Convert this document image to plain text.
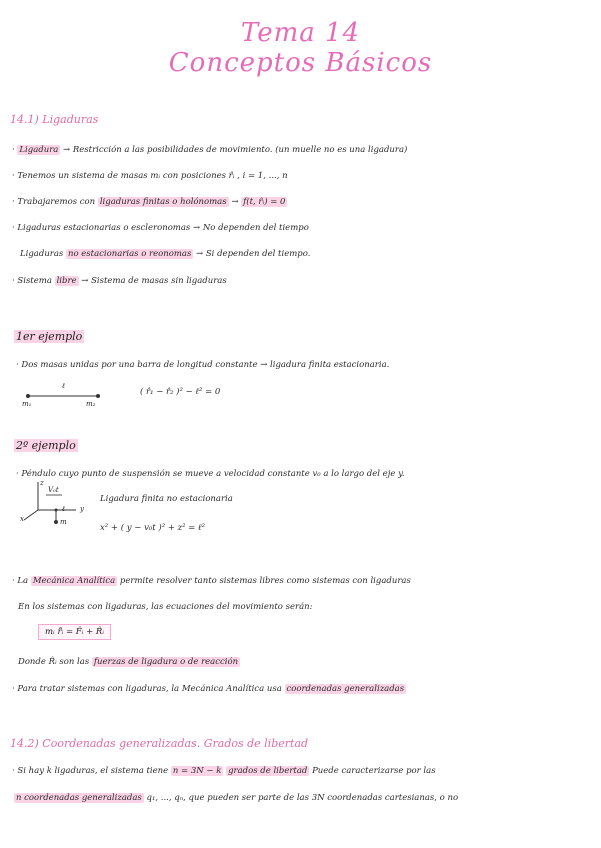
Tema 14
Conceptos Básicos
14.1) Ligaduras
· Ligadura → Restricción a las posibilidades de movimiento. (un muelle no es una ligadura)
· Tenemos un sistema de masas mᵢ con posiciones r̂ᵢ , i = 1, ..., n
· Trabajaremos con ligaduras finitas o holónomas → f(t, r̂ᵢ) = 0
· Ligaduras estacionarias o escleronomas → No dependen del tiempo
Ligaduras no estacionarias o reonomas → Si dependen del tiempo.
· Sistema libre → Sistema de masas sin ligaduras
1er ejemplo
· Dos masas unidas por una barra de longitud constante → ligadura finita estacionaria.
ℓ
m₁	m₂
( r̂₁ − r̂₂ )² − ℓ² = 0
2º ejemplo
· Péndulo cuyo punto de suspensión se mueve a velocidad constante v₀ a lo largo del eje y.
z
x
y
V₀t
m
ℓ
Ligadura finita no estacionaria
x² + ( y − v₀t )² + z² = ℓ²
· La Mecánica Analítica permite resolver tanto sistemas libres como sistemas con ligaduras
En los sistemas con ligaduras, las ecuaciones del movimiento serán:
mᵢ r̂̈ᵢ = F̂ᵢ + R̂ᵢ
Donde R̂ᵢ son las fuerzas de ligadura o de reacción
· Para tratar sistemas con ligaduras, la Mecánica Analítica usa coordenadas generalizadas
14.2) Coordenadas generalizadas. Grados de libertad
· Si hay k ligaduras, el sistema tiene n = 3N − k grados de libertad Puede caracterizarse por las
n coordenadas generalizadas q₁, ..., qₙ, que pueden ser parte de las 3N coordenadas cartesianas, o no
